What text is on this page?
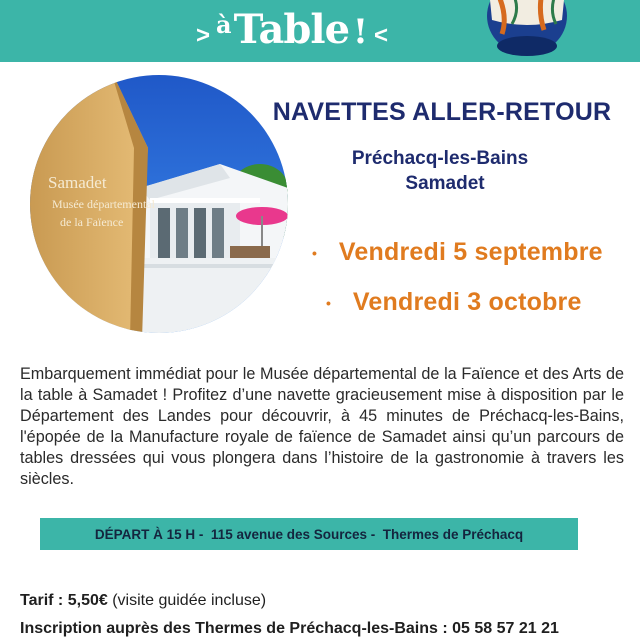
> à Table ! <
Samadet
Musée départemental
de la Faïence
NAVETTES ALLER-RETOUR
Préchacq-les-Bains
Samadet
• Vendredi 5 septembre
• Vendredi 3 octobre

Embarquement immédiat pour le Musée départemental de la Faïence et des Arts de la table à Samadet ! Profitez d’une navette gracieusement mise à disposition par le Département des Landes pour découvrir, à 45 minutes de Préchacq-les-Bains, l'épopée de la Manufacture royale de faïence de Samadet ainsi qu’un parcours de tables dressées qui vous plongera dans l’histoire de la gastronomie à travers les siècles.

DÉPART À 15 H -  115 avenue des Sources -  Thermes de Préchacq
Tarif : 5,50€ (visite guidée incluse)
Inscription auprès des Thermes de Préchacq-les-Bains : 05 58 57 21 21
